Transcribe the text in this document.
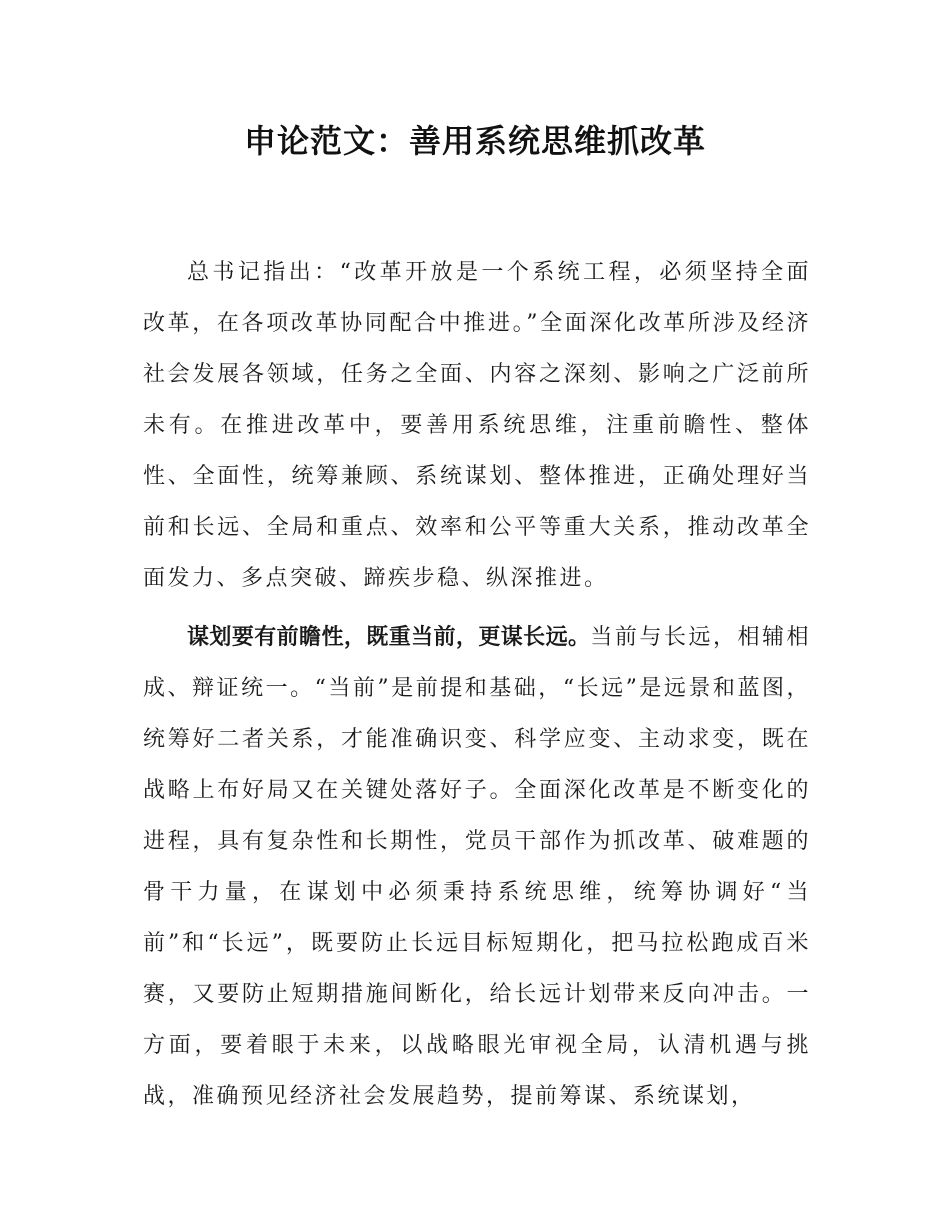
申论范文：善用系统思维抓改革

总书记指出：“改革开放是一个系统工程，必须坚持全面改革，在各项改革协同配合中推进。”全面深化改革所涉及经济社会发展各领域，任务之全面、内容之深刻、影响之广泛前所未有。在推进改革中，要善用系统思维，注重前瞻性、整体性、全面性，统筹兼顾、系统谋划、整体推进，正确处理好当前和长远、全局和重点、效率和公平等重大关系，推动改革全面发力、多点突破、蹄疾步稳、纵深推进。

谋划要有前瞻性，既重当前，更谋长远。当前与长远，相辅相成、辩证统一。“当前”是前提和基础，“长远”是远景和蓝图，统筹好二者关系，才能准确识变、科学应变、主动求变，既在战略上布好局又在关键处落好子。全面深化改革是不断变化的进程，具有复杂性和长期性，党员干部作为抓改革、破难题的骨干力量，在谋划中必须秉持系统思维，统筹协调好“当前”和“长远”，既要防止长远目标短期化，把马拉松跑成百米赛，又要防止短期措施间断化，给长远计划带来反向冲击。一方面，要着眼于未来，以战略眼光审视全局，认清机遇与挑战，准确预见经济社会发展趋势，提前筹谋、系统谋划，
